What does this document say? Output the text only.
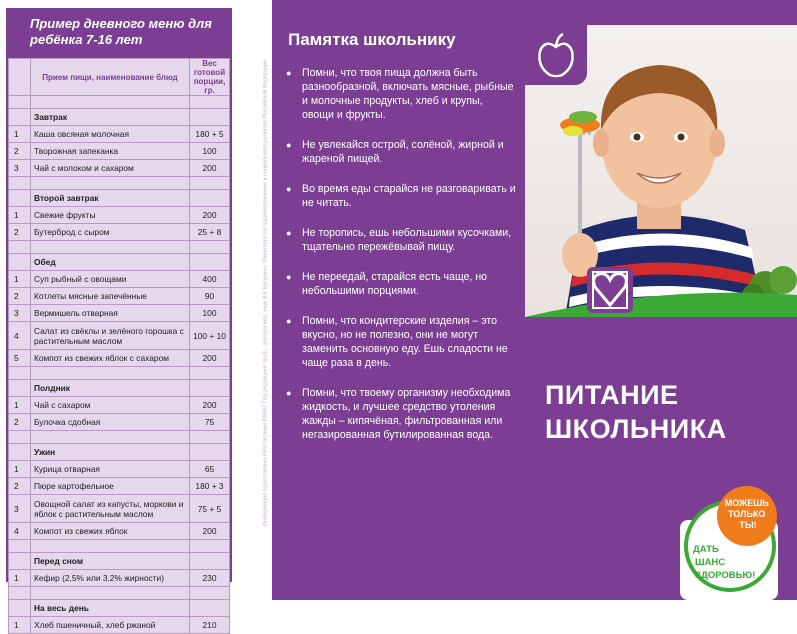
Пример дневного меню для ребёнка 7-16 лет
	Прием пищи, наименование блюд	Вес готовой порции, гр.

	Завтрак	
1	Каша овсяная молочная	180 + 5
2	Творожная запеканка	100
3	Чай с молоком и сахаром	200

	Второй завтрак	
1	Свежие фрукты	200
2	Бутерброд с сыром	25 + 8

	Обед	
1	Суп рыбный с овощами	400
2	Котлеты мясные запечённые	90
3	Вермишель отварная	100
4	Салат из свёклы и зелёного горошка с растительным маслом	100 + 10
5	Компот из свежих яблок с сахаром	200

	Полдник	
1	Чай с сахаром	200
2	Булочка сдобная	75

	Ужин	
1	Курица отварная	65
2	Пюре картофельное	180 + 3
3	Овощной салат из капусты, моркови и яблок с растительным маслом	75 + 5
4	Компот из свежих яблок	200

	Перед сном	
1	Кефир (2,5% или 3,2% жирности)	230

	На весь день	
1	Хлеб пшеничный, хлеб ржаной	210
Информация подготовлена НИИ питания РАМН. Под редакцией проф., доктора мед. наук А.К.Батурина. Министерство здравоохранения и социального развития Российской Федерации
Памятка школьнику
● Помни, что твоя пища должна быть разнообразной, включать мясные, рыбные и молочные продукты, хлеб и крупы, овощи и фрукты.
● Не увлекайся острой, солёной, жирной и жареной пищей.
● Во время еды старайся не разговаривать и не читать.
● Не торопись, ешь небольшими кусочками, тщательно пережёвывай пищу.
● Не переедай, старайся есть чаще, но небольшими порциями.
● Помни, что кондитерские изделия – это вкусно, но не полезно, они не могут заменить основную еду. Ешь сладости не чаще раза в день.
● Помни, что твоему организму необходима жидкость, и лучшее средство утоления жажды – кипячёная, фильтрованная или негазированная бутилированная вода.
ПИТАНИЕ
ШКОЛЬНИКА
МОЖЕШЬ ТОЛЬКО ТЫ!
ДАТЬ ШАНС ЗДОРОВЬЮ!
